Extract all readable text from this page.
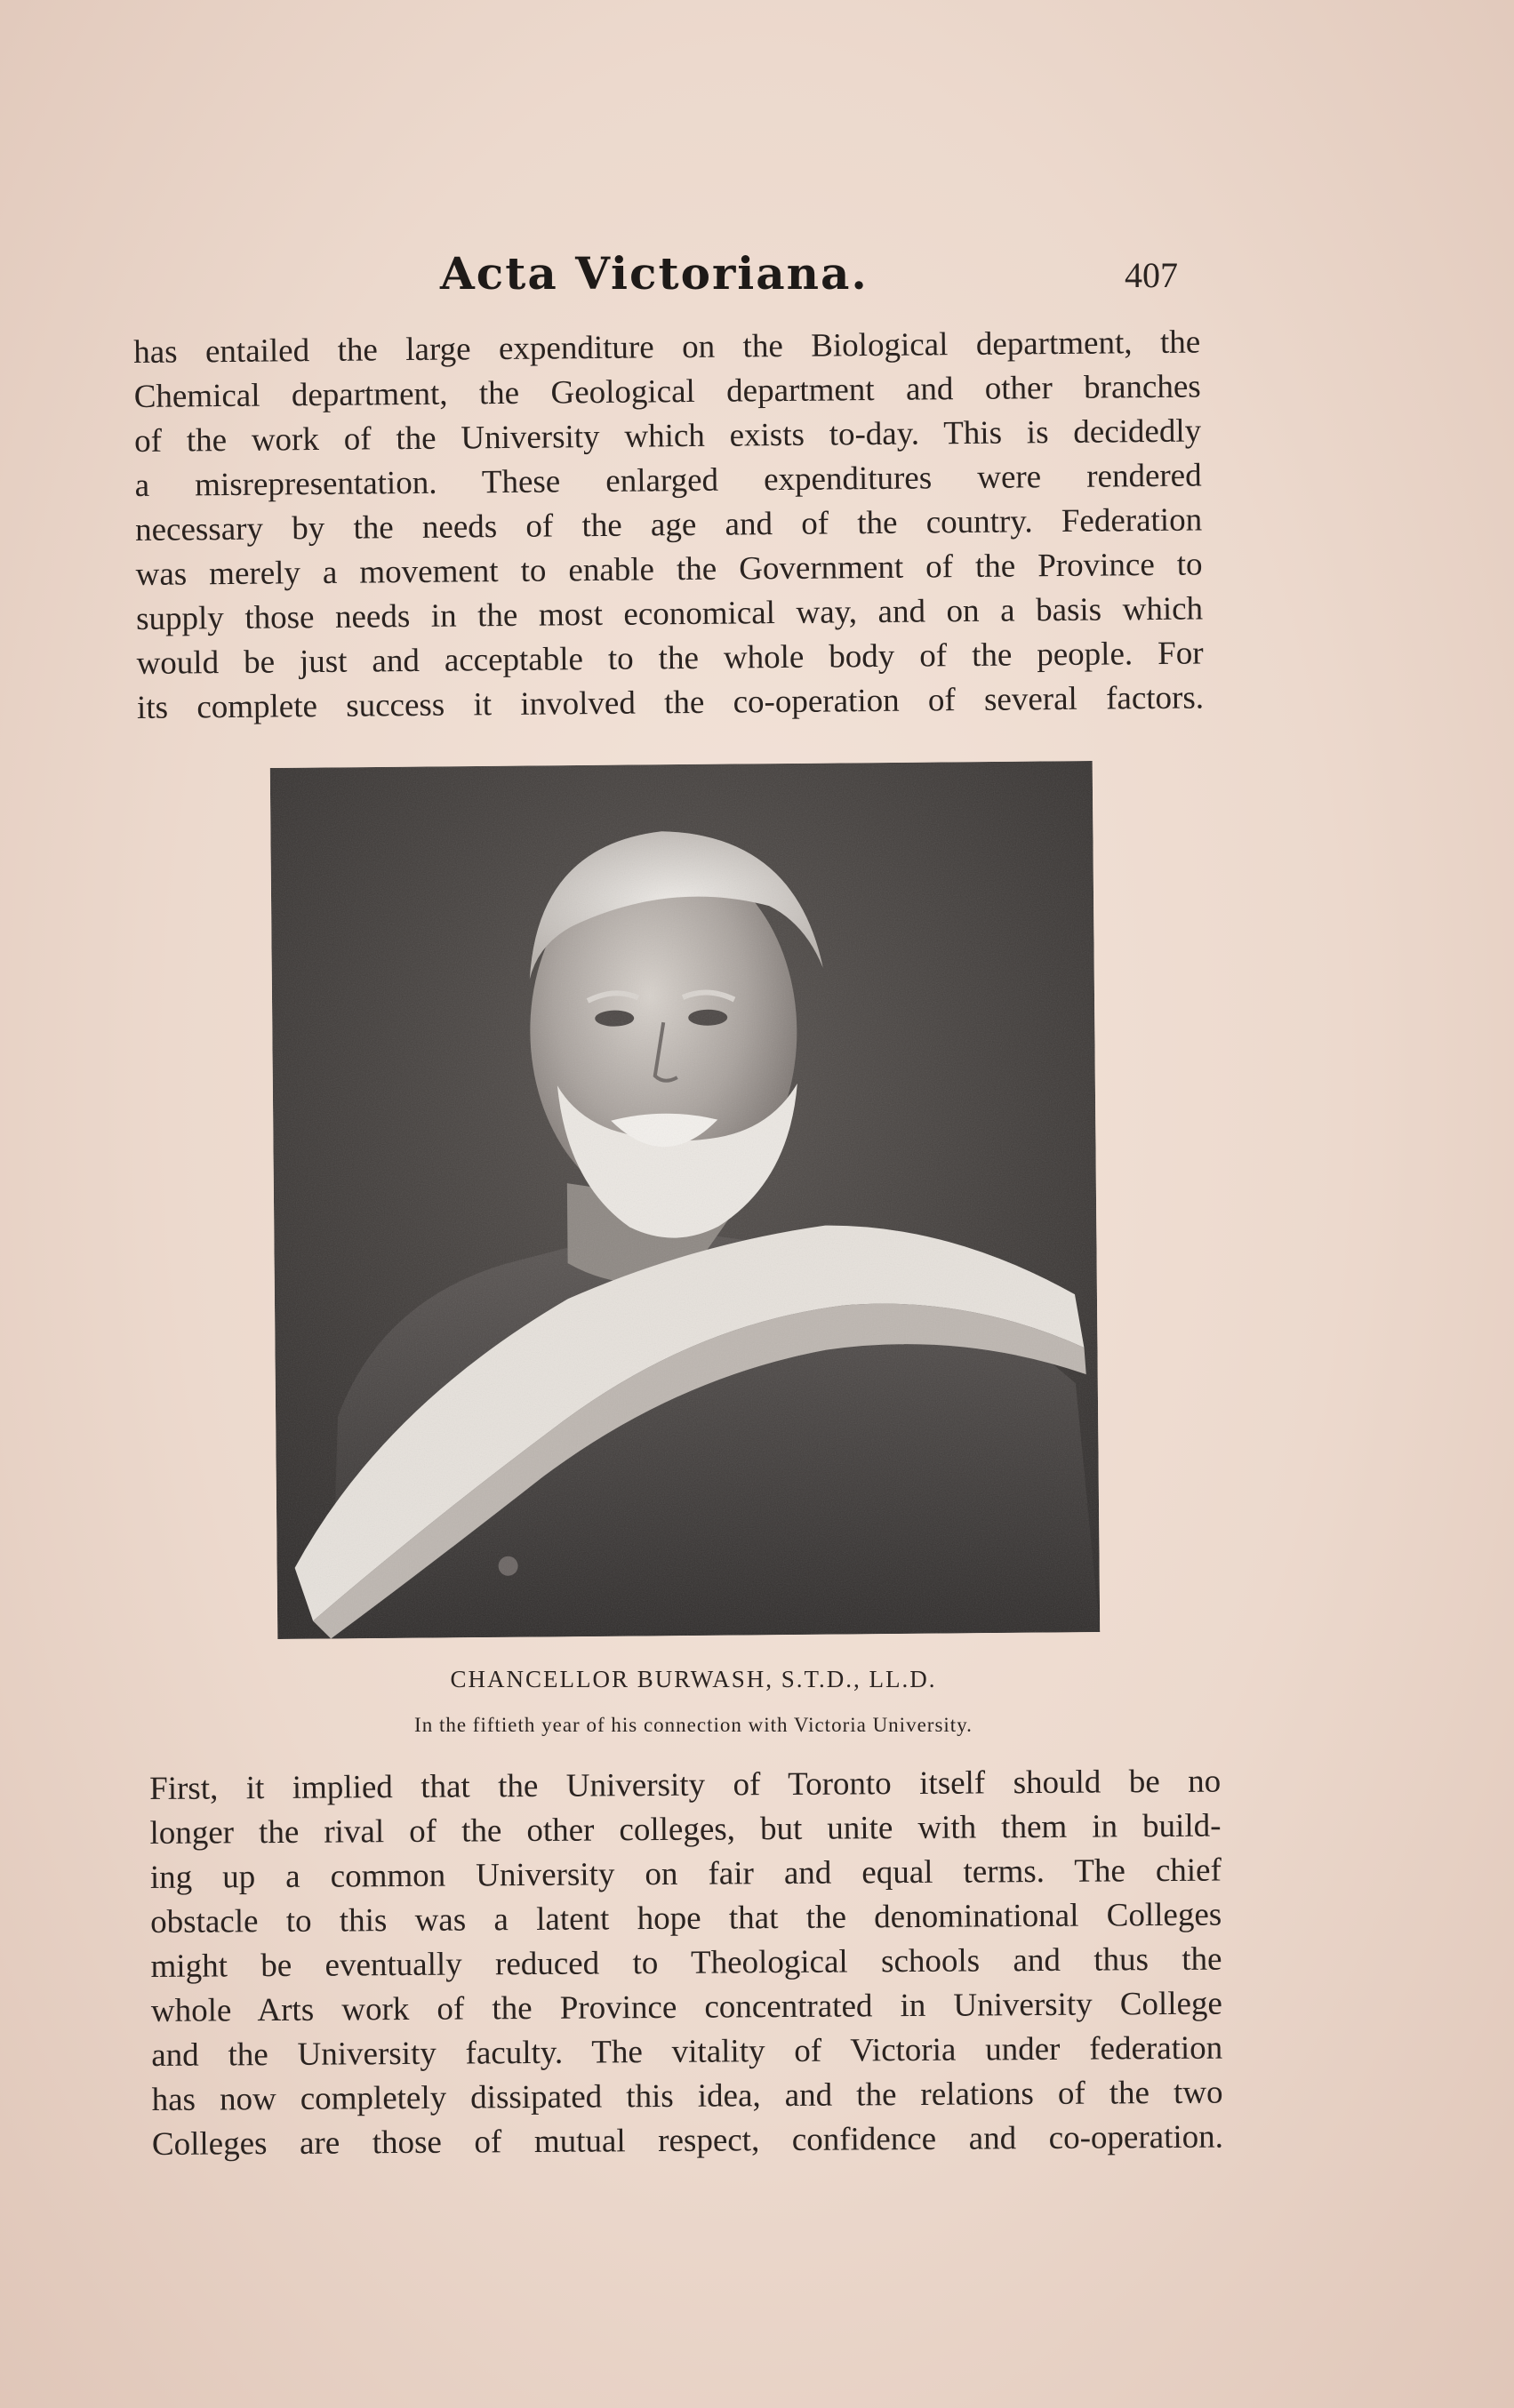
Acta Victoriana.	407
has entailed the large expenditure on the Biological department, the
Chemical department, the Geological department and other branches
of the work of the University which exists to-day. This is decidedly
a misrepresentation. These enlarged expenditures were rendered
necessary by the needs of the age and of the country. Federation
was merely a movement to enable the Government of the Province to
supply those needs in the most economical way, and on a basis which
would be just and acceptable to the whole body of the people. For
its complete success it involved the co-operation of several factors.
CHANCELLOR BURWASH, S.T.D., LL.D.
In the fiftieth year of his connection with Victoria University.
First, it implied that the University of Toronto itself should be no
longer the rival of the other colleges, but unite with them in build-
ing up a common University on fair and equal terms. The chief
obstacle to this was a latent hope that the denominational Colleges
might be eventually reduced to Theological schools and thus the
whole Arts work of the Province concentrated in University College
and the University faculty. The vitality of Victoria under federation
has now completely dissipated this idea, and the relations of the two
Colleges are those of mutual respect, confidence and co-operation.
